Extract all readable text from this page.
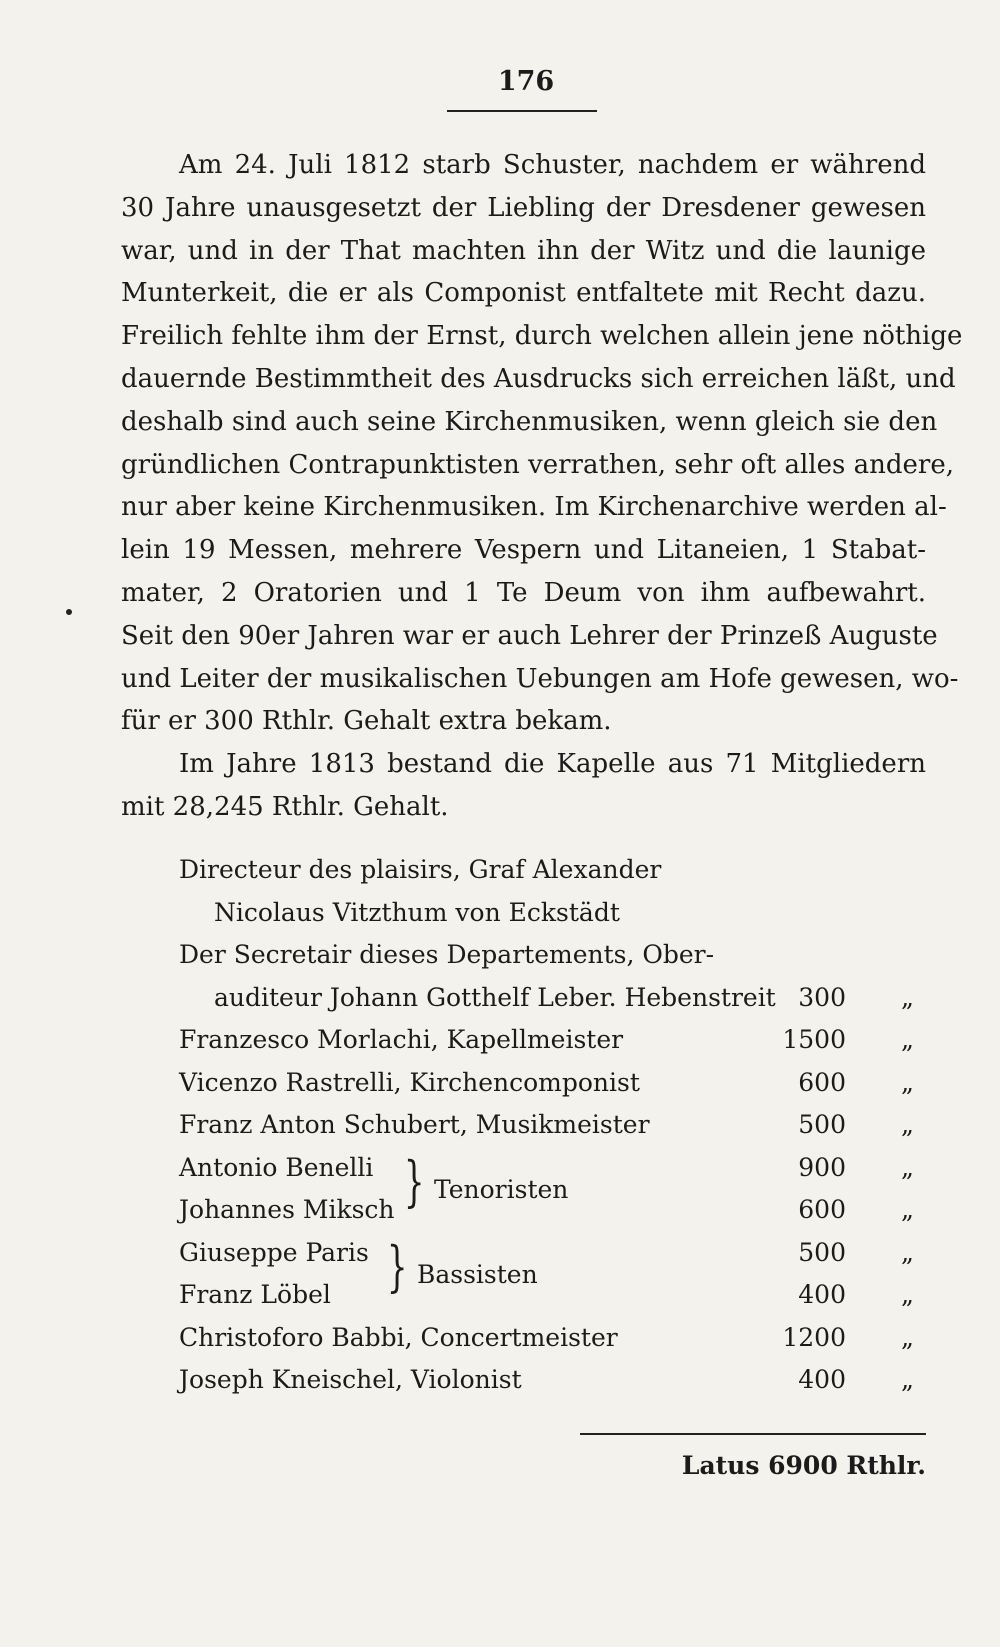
176
Am 24. Juli 1812 starb Schuster, nachdem er während
30 Jahre unausgesetzt der Liebling der Dresdener gewesen
war, und in der That machten ihn der Witz und die launige
Munterkeit, die er als Componist entfaltete mit Recht dazu.
Freilich fehlte ihm der Ernst, durch welchen allein jene nöthige
dauernde Bestimmtheit des Ausdrucks sich erreichen läßt, und
deshalb sind auch seine Kirchenmusiken, wenn gleich sie den
gründlichen Contrapunktisten verrathen, sehr oft alles andere,
nur aber keine Kirchenmusiken. Im Kirchenarchive werden al-
lein 19 Messen, mehrere Vespern und Litaneien, 1 Stabat-
mater, 2 Oratorien und 1 Te Deum von ihm aufbewahrt.
Seit den 90er Jahren war er auch Lehrer der Prinzeß Auguste
und Leiter der musikalischen Uebungen am Hofe gewesen, wo-
für er 300 Rthlr. Gehalt extra bekam.
Im Jahre 1813 bestand die Kapelle aus 71 Mitgliedern
mit 28,245 Rthlr. Gehalt.
Directeur des plaisirs, Graf Alexander
Nicolaus Vitzthum von Eckstädt
Der Secretair dieses Departements, Ober-
auditeur Johann Gotthelf Leber. Hebenstreit 300 „
Franzesco Morlachi, Kapellmeister	1500 „
Vicenzo Rastrelli, Kirchencomponist	600 „
Franz Anton Schubert, Musikmeister	500 „
Antonio Benelli	900 „
Johannes Miksch	600 „
Giuseppe Paris	500 „
Franz Löbel	400 „
Christoforo Babbi, Concertmeister	1200 „
Joseph Kneischel, Violonist	400 „
} Tenoristen
} Bassisten
Latus 6900 Rthlr.
